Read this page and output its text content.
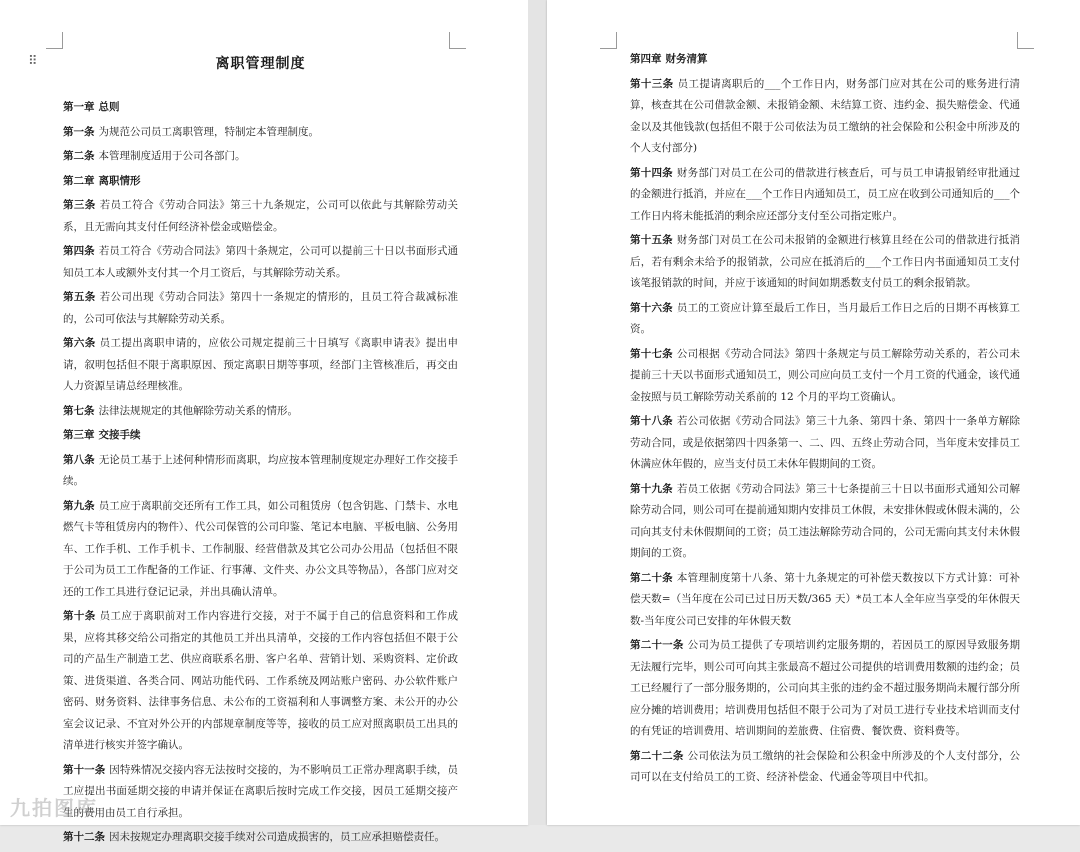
⠿	离职管理制度
第一章 总则
第一条 为规范公司员工离职管理，特制定本管理制度。
第二条 本管理制度适用于公司各部门。
第二章 离职情形
第三条 若员工符合《劳动合同法》第三十九条规定，公司可以依此与其解除劳动关系，且无需向其支付任何经济补偿金或赔偿金。
第四条 若员工符合《劳动合同法》第四十条规定，公司可以提前三十日以书面形式通知员工本人或额外支付其一个月工资后，与其解除劳动关系。
第五条 若公司出现《劳动合同法》第四十一条规定的情形的，且员工符合裁减标准的，公司可依法与其解除劳动关系。
第六条 员工提出离职申请的，应依公司规定提前三十日填写《离职申请表》提出申请，叙明包括但不限于离职原因、预定离职日期等事项，经部门主管核准后，再交由人力资源呈请总经理核准。
第七条 法律法规规定的其他解除劳动关系的情形。
第三章 交接手续
第八条 无论员工基于上述何种情形而离职，均应按本管理制度规定办理好工作交接手续。
第九条 员工应于离职前交还所有工作工具，如公司租赁房（包含钥匙、门禁卡、水电燃气卡等租赁房内的物件）、代公司保管的公司印鉴、笔记本电脑、平板电脑、公务用车、工作手机、工作手机卡、工作制服、经营借款及其它公司办公用品（包括但不限于公司为员工工作配备的工作证、行事薄、文件夹、办公文具等物品），各部门应对交还的工作工具进行登记记录，并出具确认清单。
第十条 员工应于离职前对工作内容进行交接，对于不属于自己的信息资料和工作成果，应将其移交给公司指定的其他员工并出具清单，交接的工作内容包括但不限于公司的产品生产制造工艺、供应商联系名册、客户名单、营销计划、采购资料、定价政策、进货渠道、各类合同、网站功能代码、工作系统及网站账户密码、办公软件账户密码、财务资料、法律事务信息、未公布的工资福利和人事调整方案、未公开的办公室会议记录、不宜对外公开的内部规章制度等等，接收的员工应对照离职员工出具的清单进行核实并签字确认。
第十一条 因特殊情况交接内容无法按时交接的，为不影响员工正常办理离职手续，员工应提出书面延期交接的申请并保证在离职后按时完成工作交接，因员工延期交接产生的费用由员工自行承担。
第十二条 因未按规定办理离职交接手续对公司造成损害的，员工应承担赔偿责任。
九拍图库
第四章 财务清算
第十三条 员工提请离职后的___个工作日内，财务部门应对其在公司的账务进行清算，核查其在公司借款金额、未报销金额、未结算工资、违约金、损失赔偿金、代通金以及其他钱款(包括但不限于公司依法为员工缴纳的社会保险和公积金中所涉及的个人支付部分)
第十四条 财务部门对员工在公司的借款进行核查后，可与员工申请报销经审批通过的金额进行抵消，并应在___个工作日内通知员工，员工应在收到公司通知后的___个工作日内将未能抵消的剩余应还部分支付至公司指定账户。
第十五条 财务部门对员工在公司未报销的金额进行核算且经在公司的借款进行抵消后，若有剩余未给予的报销款，公司应在抵消后的___个工作日内书面通知员工支付该笔报销款的时间，并应于该通知的时间如期悉数支付员工的剩余报销款。
第十六条 员工的工资应计算至最后工作日，当月最后工作日之后的日期不再核算工资。
第十七条 公司根据《劳动合同法》第四十条规定与员工解除劳动关系的，若公司未提前三十天以书面形式通知员工，则公司应向员工支付一个月工资的代通金，该代通金按照与员工解除劳动关系前的 12 个月的平均工资确认。
第十八条 若公司依据《劳动合同法》第三十九条、第四十条、第四十一条单方解除劳动合同，或是依据第四十四条第一、二、四、五终止劳动合同，当年度未安排员工休满应休年假的，应当支付员工未休年假期间的工资。
第十九条 若员工依据《劳动合同法》第三十七条提前三十日以书面形式通知公司解除劳动合同，则公司可在提前通知期内安排员工休假，未安排休假或休假未满的，公司向其支付未休假期间的工资；员工违法解除劳动合同的，公司无需向其支付未休假期间的工资。
第二十条 本管理制度第十八条、第十九条规定的可补偿天数按以下方式计算：可补偿天数=（当年度在公司已过日历天数/365 天）*员工本人全年应当享受的年休假天数-当年度公司已安排的年休假天数
第二十一条 公司为员工提供了专项培训约定服务期的，若因员工的原因导致服务期无法履行完毕，则公司可向其主张最高不超过公司提供的培训费用数额的违约金；员工已经履行了一部分服务期的，公司向其主张的违约金不超过服务期尚未履行部分所应分摊的培训费用；培训费用包括但不限于公司为了对员工进行专业技术培训而支付的有凭证的培训费用、培训期间的差旅费、住宿费、餐饮费、资料费等。
第二十二条 公司依法为员工缴纳的社会保险和公积金中所涉及的个人支付部分，公司可以在支付给员工的工资、经济补偿金、代通金等项目中代扣。
